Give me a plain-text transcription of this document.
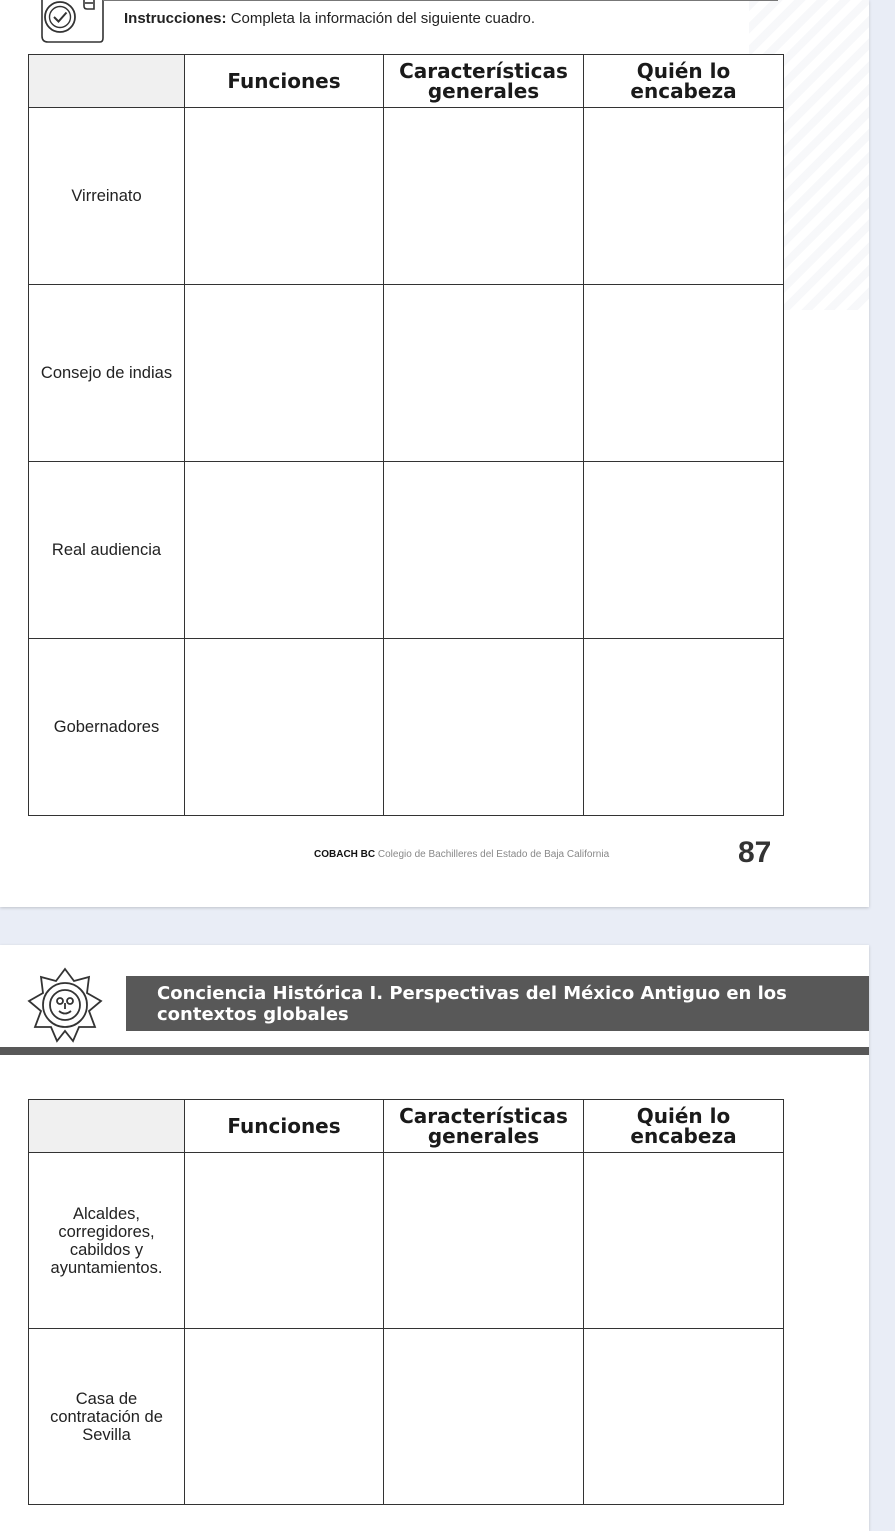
Instrucciones: Completa la información del siguiente cuadro.

	Funciones	Características generales	Quién lo encabeza
Virreinato			
Consejo de indias			
Real audiencia			
Gobernadores			
COBACH BC Colegio de Bachilleres del Estado de Baja California	87
Conciencia Histórica I. Perspectivas del México Antiguo en los contextos globales
	Funciones	Características generales	Quién lo encabeza
Alcaldes, corregidores, cabildos y ayuntamientos.			
Casa de contratación de Sevilla			
